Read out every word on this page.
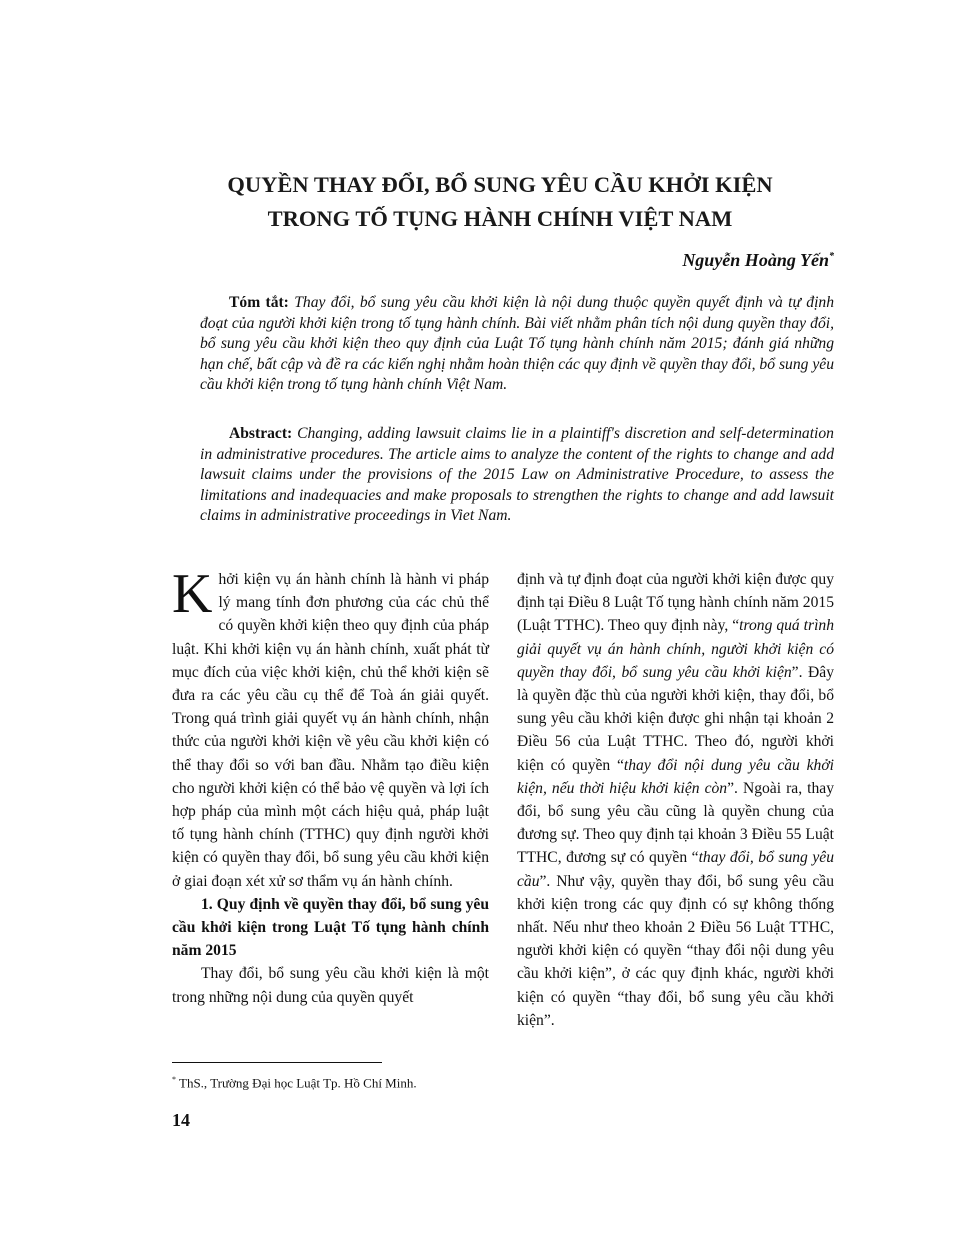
QUYỀN THAY ĐỔI, BỔ SUNG YÊU CẦU KHỞI KIỆN
TRONG TỐ TỤNG HÀNH CHÍNH VIỆT NAM
Nguyễn Hoàng Yến*

Tóm tắt: Thay đổi, bổ sung yêu cầu khởi kiện là nội dung thuộc quyền quyết định và tự định đoạt của người khởi kiện trong tố tụng hành chính. Bài viết nhằm phân tích nội dung quyền thay đổi, bổ sung yêu cầu khởi kiện theo quy định của Luật Tố tụng hành chính năm 2015; đánh giá những hạn chế, bất cập và đề ra các kiến nghị nhằm hoàn thiện các quy định về quyền thay đổi, bổ sung yêu cầu khởi kiện trong tố tụng hành chính Việt Nam.

Abstract: Changing, adding lawsuit claims lie in a plaintiff's discretion and self-determination in administrative procedures. The article aims to analyze the content of the rights to change and add lawsuit claims under the provisions of the 2015 Law on Administrative Procedure, to assess the limitations and inadequacies and make proposals to strengthen the rights to change and add lawsuit claims in administrative proceedings in Viet Nam.

Khởi kiện vụ án hành chính là hành vi pháp lý mang tính đơn phương của các chủ thể có quyền khởi kiện theo quy định của pháp luật. Khi khởi kiện vụ án hành chính, xuất phát từ mục đích của việc khởi kiện, chủ thể khởi kiện sẽ đưa ra các yêu cầu cụ thể để Toà án giải quyết. Trong quá trình giải quyết vụ án hành chính, nhận thức của người khởi kiện về yêu cầu khởi kiện có thể thay đổi so với ban đầu. Nhằm tạo điều kiện cho người khởi kiện có thể bảo vệ quyền và lợi ích hợp pháp của mình một cách hiệu quả, pháp luật tố tụng hành chính (TTHC) quy định người khởi kiện có quyền thay đổi, bổ sung yêu cầu khởi kiện ở giai đoạn xét xử sơ thẩm vụ án hành chính.

1. Quy định về quyền thay đổi, bổ sung yêu cầu khởi kiện trong Luật Tố tụng hành chính năm 2015

Thay đổi, bổ sung yêu cầu khởi kiện là một trong những nội dung của quyền quyết

định và tự định đoạt của người khởi kiện được quy định tại Điều 8 Luật Tố tụng hành chính năm 2015 (Luật TTHC). Theo quy định này, “trong quá trình giải quyết vụ án hành chính, người khởi kiện có quyền thay đổi, bổ sung yêu cầu khởi kiện”. Đây là quyền đặc thù của người khởi kiện, thay đổi, bổ sung yêu cầu khởi kiện được ghi nhận tại khoản 2 Điều 56 của Luật TTHC. Theo đó, người khởi kiện có quyền “thay đổi nội dung yêu cầu khởi kiện, nếu thời hiệu khởi kiện còn”. Ngoài ra, thay đổi, bổ sung yêu cầu cũng là quyền chung của đương sự. Theo quy định tại khoản 3 Điều 55 Luật TTHC, đương sự có quyền “thay đổi, bổ sung yêu cầu”. Như vậy, quyền thay đổi, bổ sung yêu cầu khởi kiện trong các quy định có sự không thống nhất. Nếu như theo khoản 2 Điều 56 Luật TTHC, người khởi kiện có quyền “thay đổi nội dung yêu cầu khởi kiện”, ở các quy định khác, người khởi kiện có quyền “thay đổi, bổ sung yêu cầu khởi kiện”.

* ThS., Trường Đại học Luật Tp. Hồ Chí Minh.
14
